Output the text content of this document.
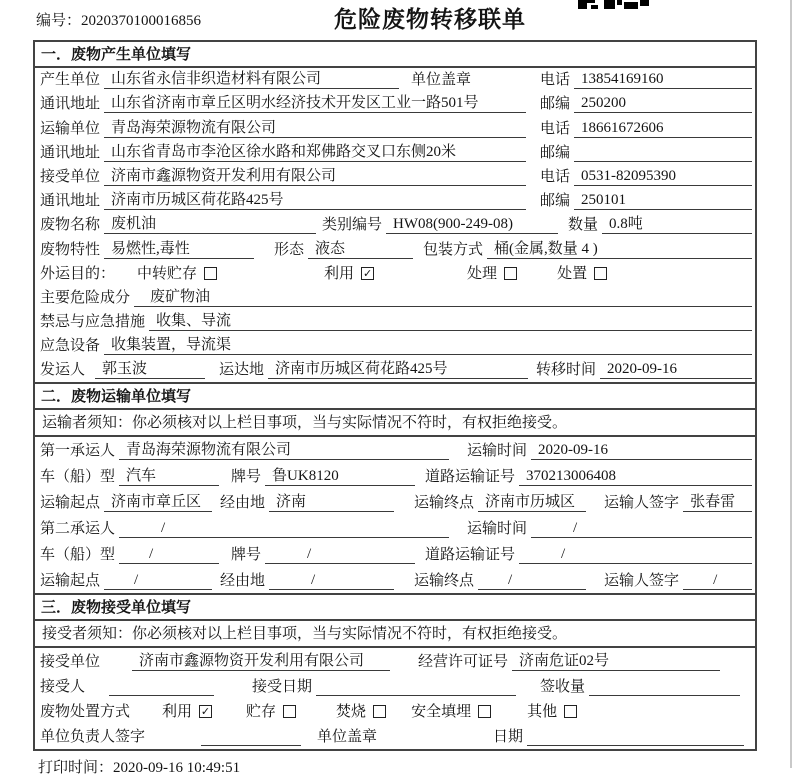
编号：2020370100016856	危险废物转移联单
一．废物产生单位填写
产生单位 山东省永信非织造材料有限公司	单位盖章	电话 13854169160
通讯地址 山东省济南市章丘区明水经济技术开发区工业一路501号	邮编 250200
运输单位 青岛海荣源物流有限公司	电话 18661672606
通讯地址 山东省青岛市李沧区徐水路和郑佛路交叉口东侧20米	邮编
接受单位 济南市鑫源物资开发利用有限公司	电话 0531-82095390
通讯地址 济南市历城区荷花路425号	邮编 250101
废物名称 废机油	类别编号 HW08(900-249-08)	数量 0.8吨
废物特性 易燃性,毒性	形态 液态	包装方式 桶(金属,数量 4 )
外运目的： 中转贮存	利用 ✓	处理	处置
主要危险成分	废矿物油
禁忌与应急措施 收集、导流
应急设备 收集装置，导流渠
发运人	郭玉波	运达地 济南市历城区荷花路425号	转移时间 2020-09-16
二．废物运输单位填写
运输者须知：你必须核对以上栏目事项，当与实际情况不符时，有权拒绝接受。
第一承运人 青岛海荣源物流有限公司	运输时间 2020-09-16
车（船）型 汽车	牌号 鲁UK8120	道路运输证号 370213006408
运输起点 济南市章丘区	经由地 济南	运输终点 济南市历城区	运输人签字 张春雷
第二承运人	/	运输时间	/
车（船）型	/	牌号	/	道路运输证号	/
运输起点	/	经由地	/	运输终点	/	运输人签字	/
三．废物接受单位填写
接受者须知：你必须核对以上栏目事项，当与实际情况不符时，有权拒绝接受。
接受单位	济南市鑫源物资开发利用有限公司	经营许可证号 济南危证02号
接受人	接受日期	签收量
废物处置方式 利用 ✓ 贮存	焚烧	安全填埋	其他
单位负责人签字	单位盖章	日期
打印时间：2020-09-16 10:49:51
